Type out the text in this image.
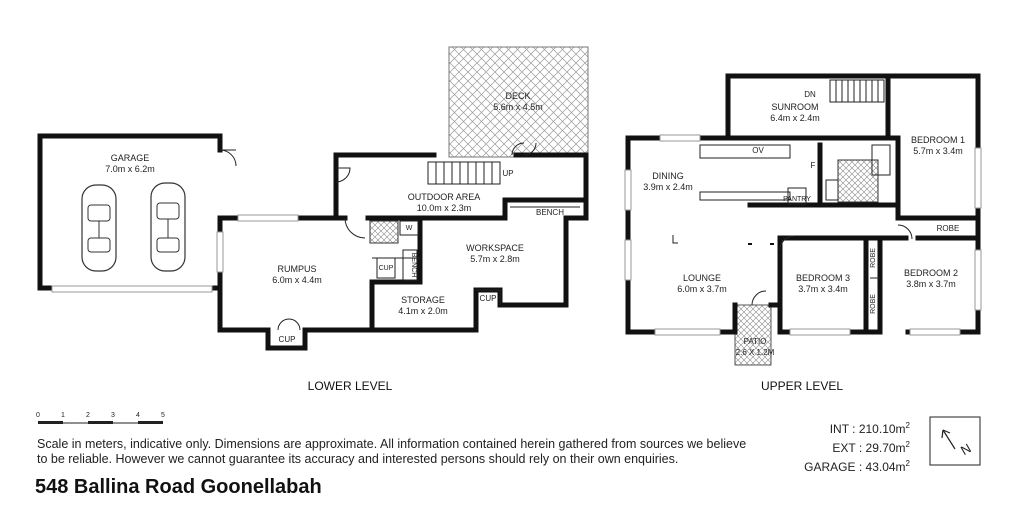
GARAGE
7.0m x 6.2m
DECK
5.6m x 4.5m
OUTDOOR AREA
10.0m x 2.3m
RUMPUS
6.0m x 4.4m
WORKSPACE
5.7m x 2.8m
STORAGE
4.1m x 2.0m
UP
BENCH
W
CUP BENCH
CUP
CUP
LOWER LEVEL
SUNROOM
6.4m x 2.4m
BEDROOM 1
5.7m x 3.4m
DINING
3.9m x 2.4m
LOUNGE
6.0m x 3.7m
BEDROOM 3
3.7m x 3.4m
BEDROOM 2
3.8m x 3.7m
PATIO
2.6 X 1.2M
DN
OV
F
PANTRY
ROBE
ROBE
ROBE
UPPER LEVEL
0	1	2	3	4	5
Scale in meters, indicative only. Dimensions are approximate. All information contained herein gathered from sources we believe to be reliable. However we cannot guarantee its accuracy and interested persons should rely on their own enquiries.
INT : $210.10m^2$
EXT : $29.70m^2$
GARAGE : $43.04m^2$
N
548 Ballina Road Goonellabah
